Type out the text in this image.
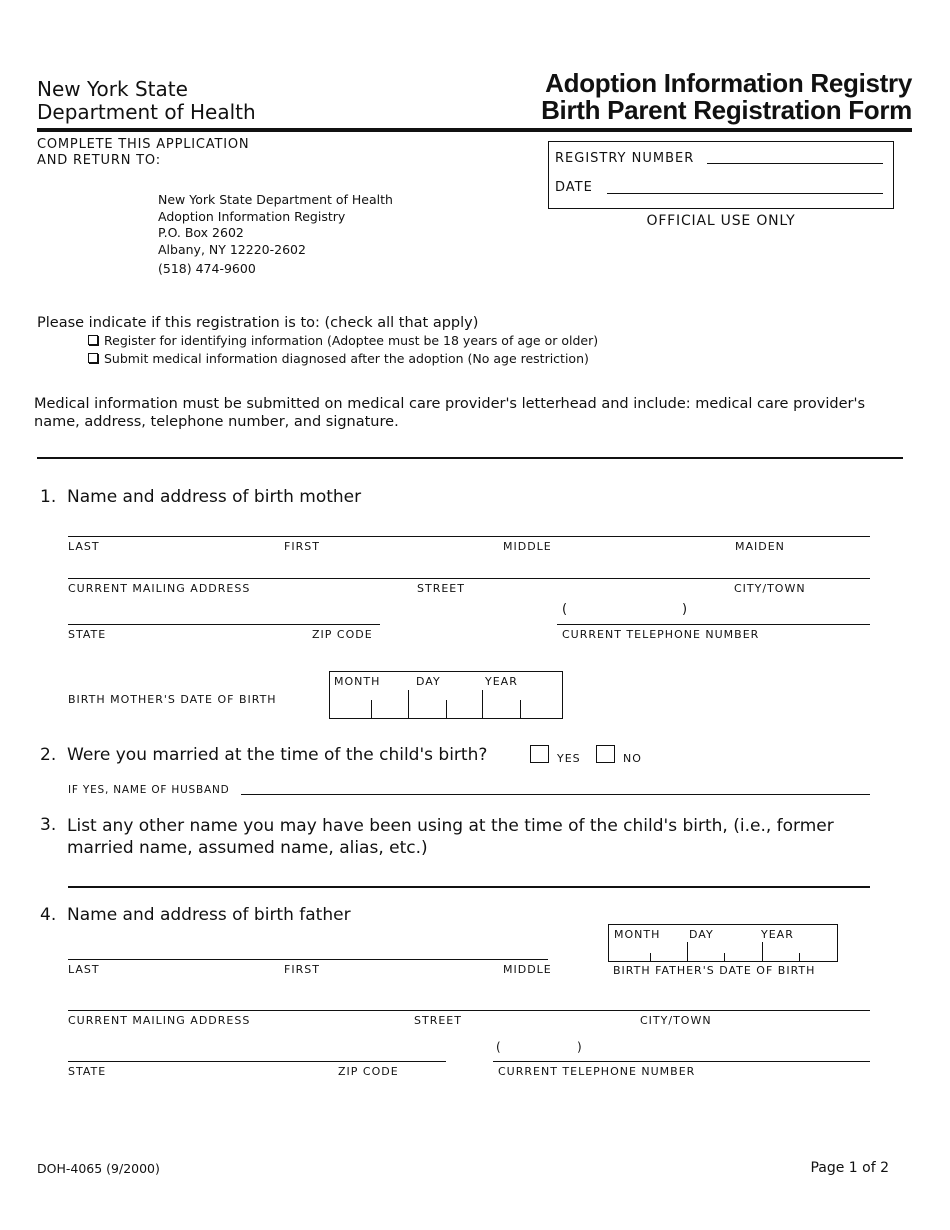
New York State
Department of Health
Adoption Information Registry
Birth Parent Registration Form
COMPLETE THIS APPLICATION
AND RETURN TO:
New York State Department of Health
Adoption Information Registry
P.O. Box 2602
Albany, NY 12220-2602
(518) 474-9600
REGISTRY NUMBER
DATE
OFFICIAL USE ONLY
Please indicate if this registration is to: (check all that apply)
Register for identifying information (Adoptee must be 18 years of age or older)
Submit medical information diagnosed after the adoption (No age restriction)
Medical information must be submitted on medical care provider's letterhead and include: medical care provider's name, address, telephone number, and signature.
1. Name and address of birth mother
LAST	FIRST	MIDDLE	MAIDEN
CURRENT MAILING ADDRESS	STREET	CITY/TOWN
(	)
STATE	ZIP CODE	CURRENT TELEPHONE NUMBER
BIRTH MOTHER'S DATE OF BIRTH
MONTH	DAY	YEAR
2. Were you married at the time of the child's birth?	YES	NO
IF YES, NAME OF HUSBAND
3. List any other name you may have been using at the time of the child's birth, (i.e., former
married name, assumed name, alias, etc.)
4. Name and address of birth father
MONTH	DAY	YEAR
BIRTH FATHER'S DATE OF BIRTH
LAST	FIRST	MIDDLE
CURRENT MAILING ADDRESS	STREET	CITY/TOWN
(	)
STATE	ZIP CODE	CURRENT TELEPHONE NUMBER
DOH-4065 (9/2000)	Page 1 of 2
